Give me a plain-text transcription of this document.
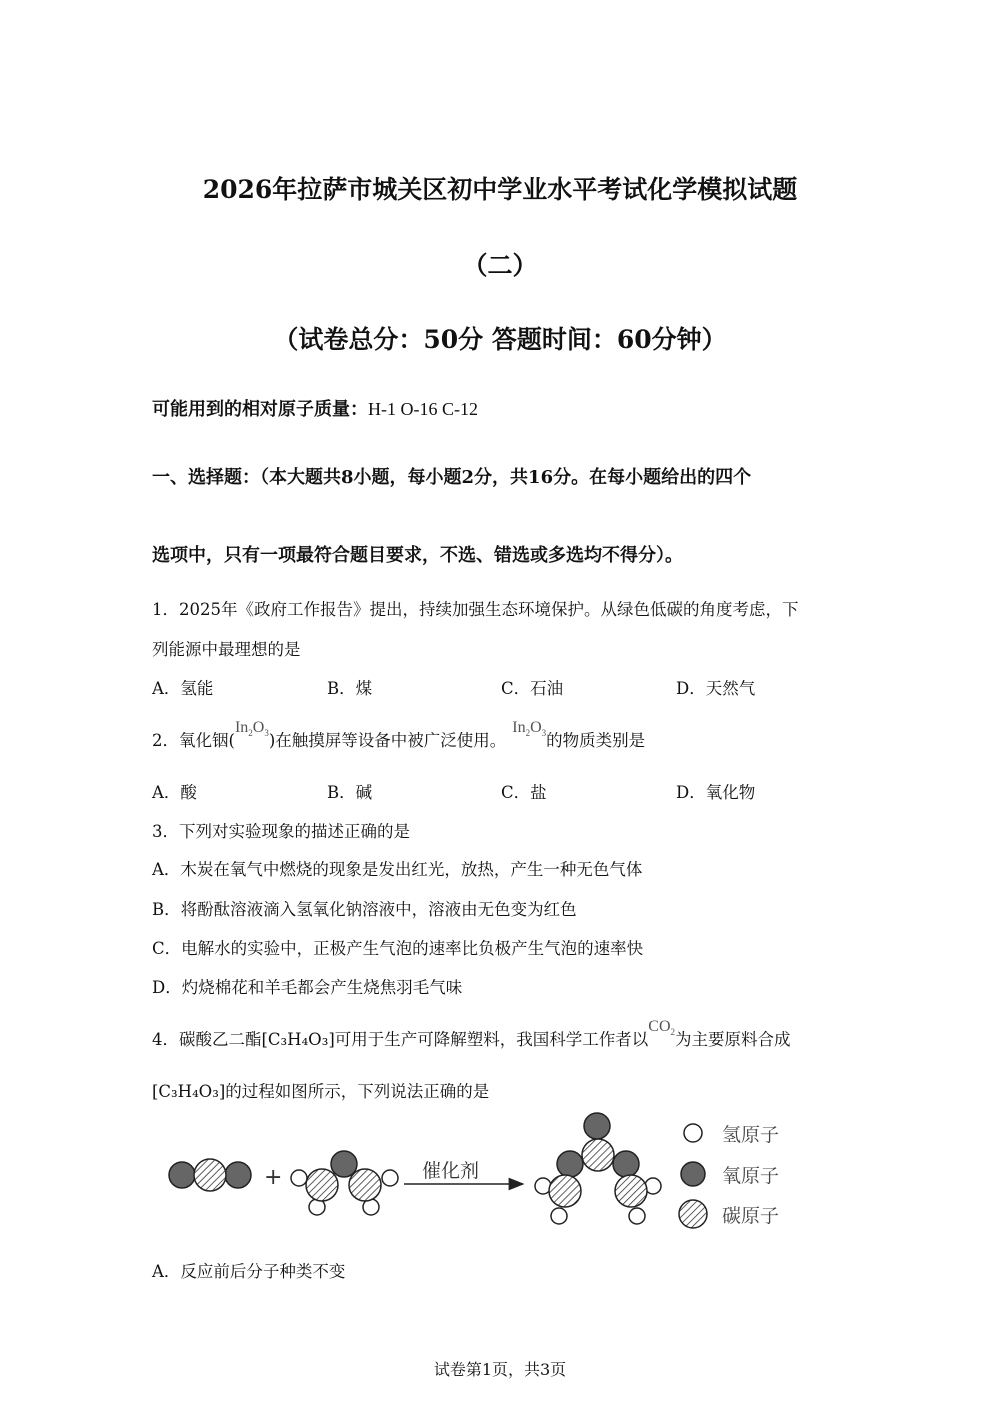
2026年拉萨市城关区初中学业水平考试化学模拟试题
（二）
（试卷总分：50分 答题时间：60分钟）
可能用到的相对原子质量：H-1 O-16 C-12
一、选择题：（本大题共8小题，每小题2分，共16分。在每小题给出的四个
选项中，只有一项最符合题目要求，不选、错选或多选均不得分）。
1．2025年《政府工作报告》提出，持续加强生态环境保护。从绿色低碳的角度考虑，下
列能源中最理想的是
A．氢能	B．煤	C．石油	D．天然气
2．氧化铟$(In_2O_3)$在触摸屏等设备中被广泛使用。$In_2O_3$的物质类别是
A．酸	B．碱	C．盐	D．氧化物
3．下列对实验现象的描述正确的是
A．木炭在氧气中燃烧的现象是发出红光，放热，产生一种无色气体
B．将酚酞溶液滴入氢氧化钠溶液中，溶液由无色变为红色
C．电解水的实验中，正极产生气泡的速率比负极产生气泡的速率快
D．灼烧棉花和羊毛都会产生烧焦羽毛气味
4．碳酸乙二酯[C₃H₄O₃]可用于生产可降解塑料，我国科学工作者以$CO_2$为主要原料合成
[C₃H₄O₃]的过程如图所示，下列说法正确的是
+	催化剂
氢原子
氧原子
碳原子
A．反应前后分子种类不变
试卷第1页，共3页
